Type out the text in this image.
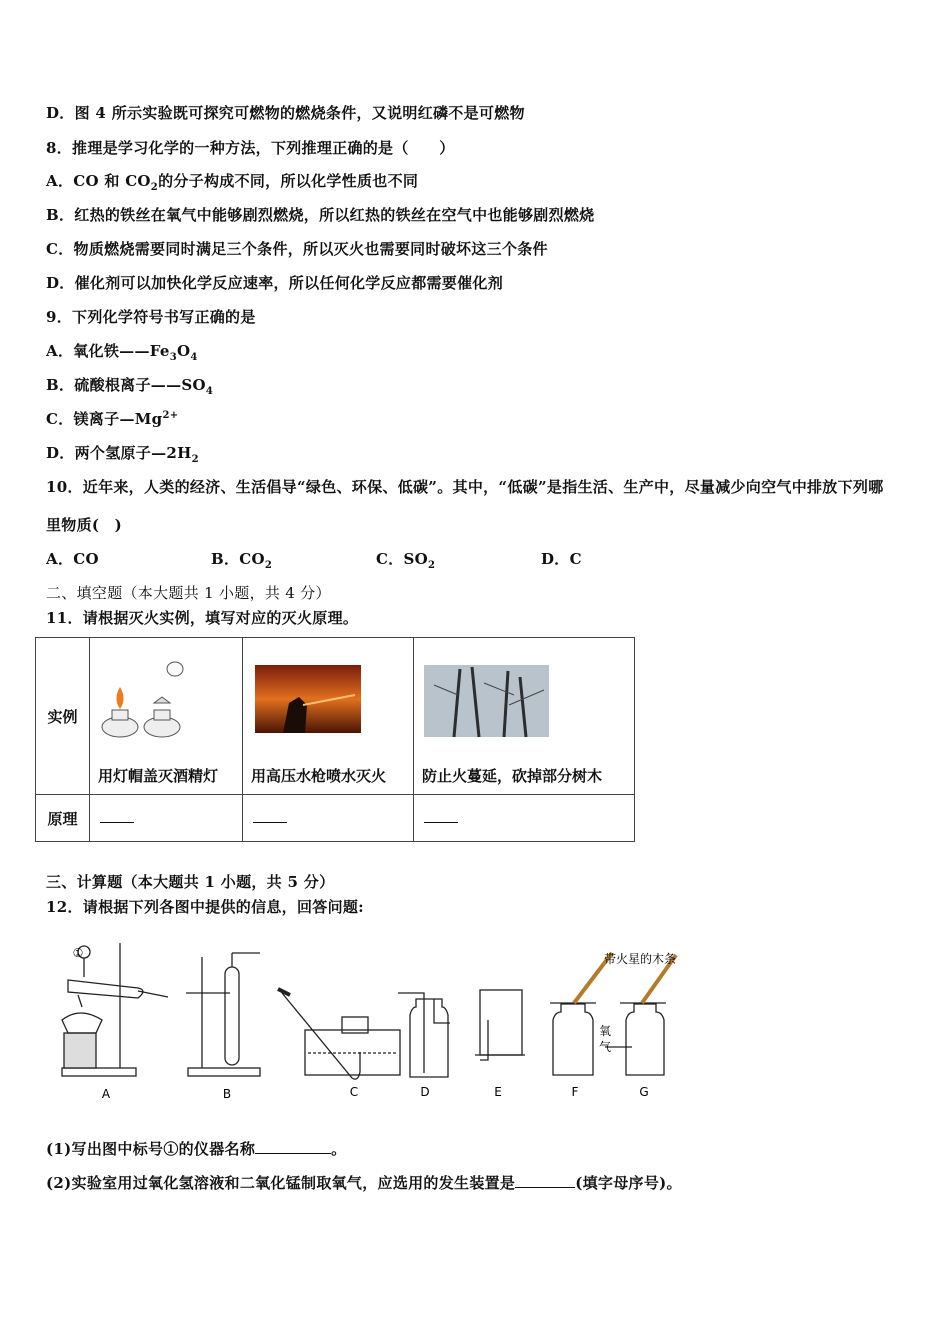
D．图 4 所示实验既可探究可燃物的燃烧条件，又说明红磷不是可燃物
8．推理是学习化学的一种方法，下列推理正确的是（　　）
A．CO 和 $CO_2$的分子构成不同，所以化学性质也不同
B．红热的铁丝在氧气中能够剧烈燃烧，所以红热的铁丝在空气中也能够剧烈燃烧
C．物质燃烧需要同时满足三个条件，所以灭火也需要同时破坏这三个条件
D．催化剂可以加快化学反应速率，所以任何化学反应都需要催化剂
9．下列化学符号书写正确的是
A．氧化铁$——Fe_3O_4$
B．硫酸根离子$——SO_4$
C．镁离子$—Mg^{2+}$
D．两个氢原子$—2H_2$
10．近年来，人类的经济、生活倡导“绿色、环保、低碳”。其中，“低碳”是指生活、生产中，尽量减少向空气中排放下列哪
里物质(　)
A．CO	B．$CO_2$	C．$SO_2$	D．C
二、填空题（本大题共 1 小题，共 4 分）
11．请根据灭火实例，填写对应的灭火原理。
实例	用灯帽盖灭酒精灯	用高压水枪喷水灭火	防止火蔓延，砍掉部分树木

原理			
三、计算题（本大题共 1 小题，共 5 分）
12．请根据下列各图中提供的信息，回答问题:
①	带火星的木条
氧
气
A	B	C	D	E	F	G
(1)写出图中标号①的仪器名称	。
(2)实验室用过氧化氢溶液和二氧化锰制取氧气，应选用的发生装置是	(填字母序号)。
